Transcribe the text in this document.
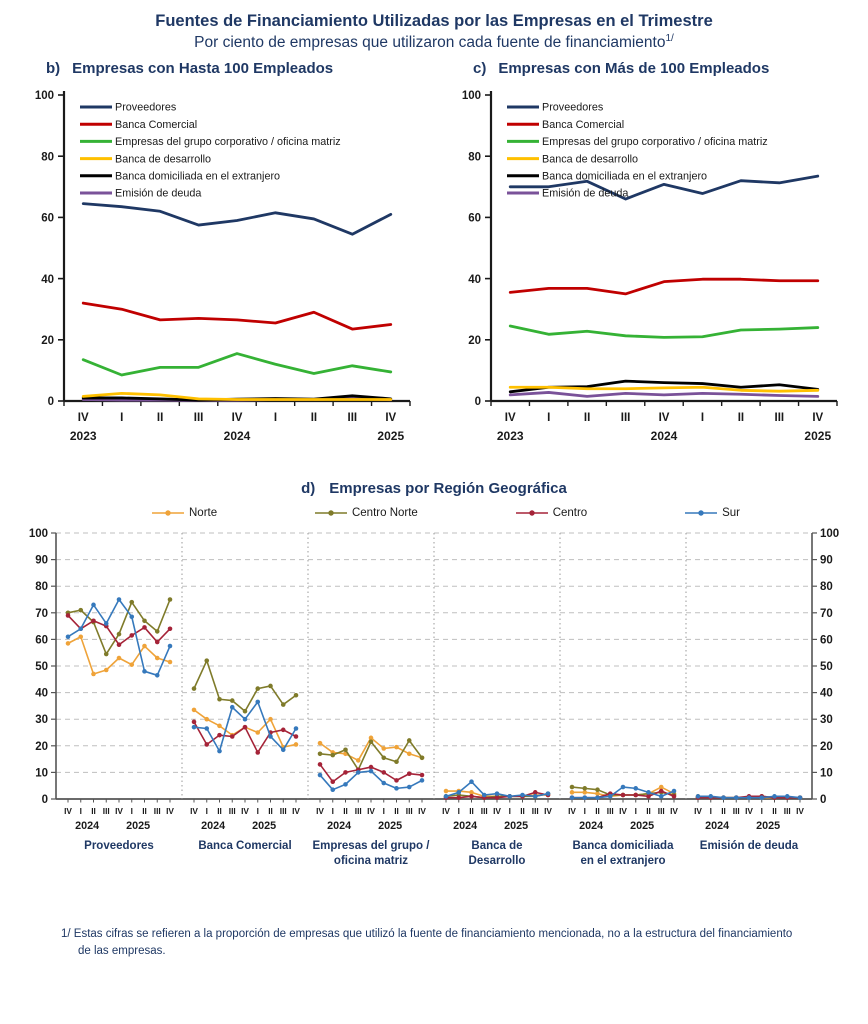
Fuentes de Financiamiento Utilizadas por las Empresas en el Trimestre
Por ciento de empresas que utilizaron cada fuente de financiamiento$^{1/}$
b) Empresas con Hasta 100 Empleados
0
20
40
60
80
100
IV	I	II	III IV	I	II	III IV
2023	2024	2025
Proveedores
Banca Comercial
Empresas del grupo corporativo / oficina matriz
Banca de desarrollo
Banca domiciliada en el extranjero
Emisión de deuda
c) Empresas con Más de 100 Empleados
0
20
40
60
80
100
IV	I	II	III IV	I	II	III IV
2023	2024	2025
Proveedores
Banca Comercial
Empresas del grupo corporativo / oficina matriz
Banca de desarrollo
Banca domiciliada en el extranjero
Emisión de deuda
d) Empresas por Región Geográfica
Norte	Centro Norte	Centro	Sur
0	0
10	10
20	20
30	30
40	40
50	50
60	60
70	70
80	80
90	90
100	100
IV I II III IV I II III IV
2024 2025
Proveedores
IV I II III IV I II III IV
2024 2025
Banca Comercial
IV I II III IV I II III IV
2024 2025
Empresas del grupo /
oficina matriz
IV I II III IV I II III IV
2024 2025
Banca de
Desarrollo
IV I II III IV I II III IV
2024 2025
Banca domiciliada
en el extranjero
IV I II III IV I II III IV
2024 2025
Emisión de deuda

1/ Estas cifras se refieren a la proporción de empresas que utilizó la fuente de financiamiento mencionada, no a la estructura del financiamiento de las empresas.
